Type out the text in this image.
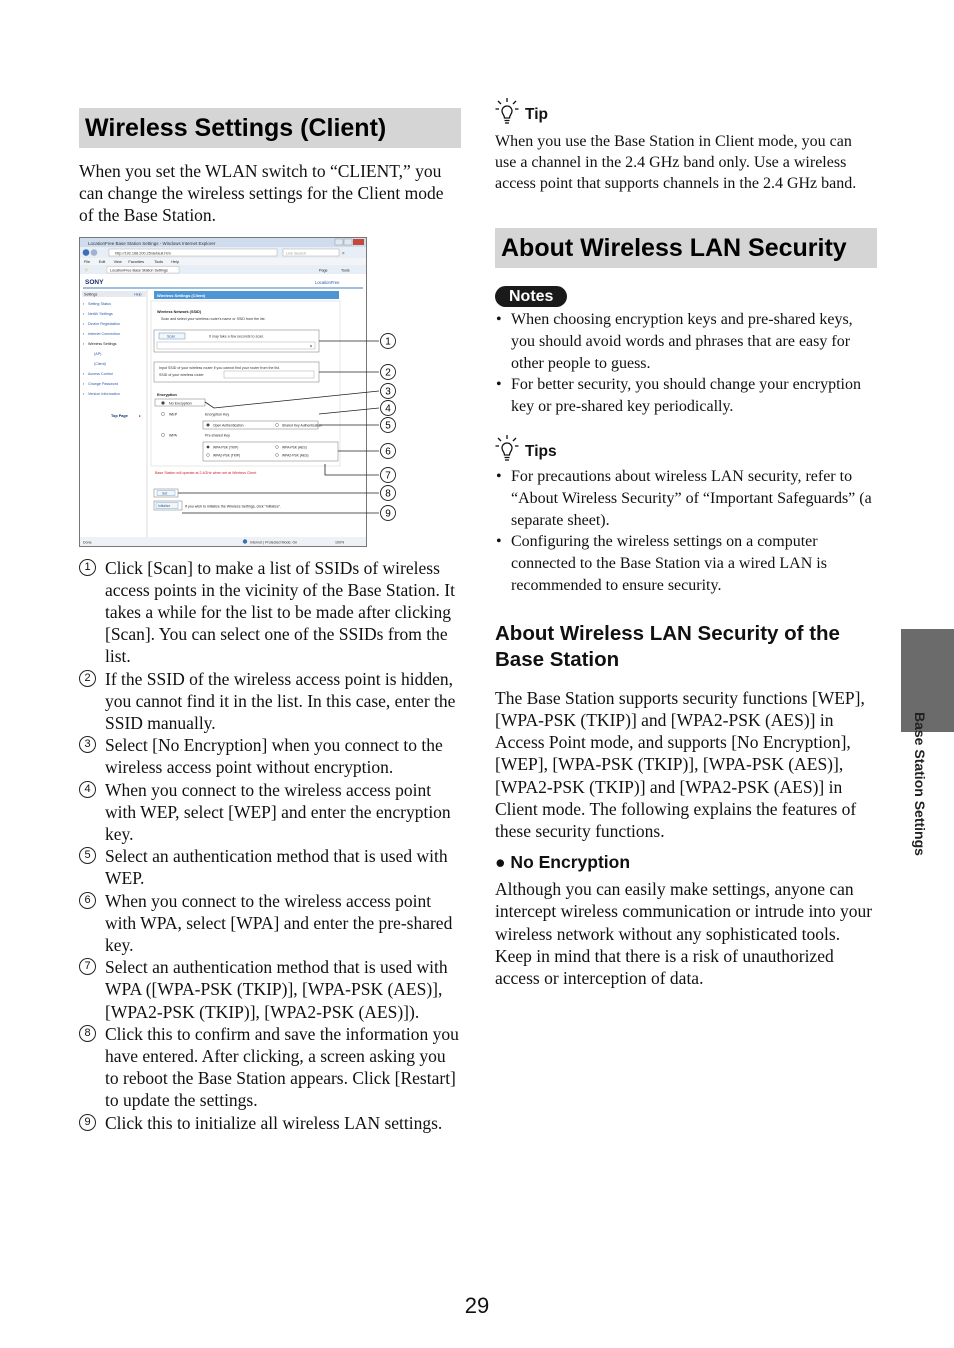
Wireless Settings (Client)

When you set the WLAN switch to “CLIENT,” you can change the wireless settings for the Client mode of the Base Station.

LocationFree Base Station Settings - Windows Internet Explorer
http://192.168.200.25/default.htm	Live Search	⌕
File Edit View Favorites	Tools Help
☆	LocationFree Base Station Settings	Page	Tools
SONY	LocationFree
Settings	Help
▪ Setting Status
▪ NetAV Settings
▪ Device Registration
▪ Internet Connection
▪ Wireless Settings
(AP)
(Client)
▪ Access Control
▪ Change Password
▪ Version Information
Top Page	▸
Wireless Settings (Client)
Wireless Network (SSID)
Scan and select your wireless router's name or SSID from the list.
Scan	It may take a few seconds to scan.
▾
Input SSID of your wireless router if you cannot find your router from the list.
SSID of your wireless router
Encryption
No Encryption
WEP	Encryption Key
Open Authentication	Shared Key Authentication
WPA	Pre-shared Key
WPA-PSK (TKIP)	WPA-PSK (AES)
WPA2-PSK (TKIP)	WPA2-PSK (AES)
Base Station will operate at 2.4GHz when set at Wireless Client.
Set
Initialize	If you wish to initialize the Wireless Settings, click "Initialize".
Done	Internet | Protected Mode: On	100%
1
2
3
4
5
6
7
8
9
1 Click [Scan] to make a list of SSIDs of wireless access points in the vicinity of the Base Station. It takes a while for the list to be made after clicking [Scan]. You can select one of the SSIDs from the list.
2 If the SSID of the wireless access point is hidden, you cannot find it in the list. In this case, enter the SSID manually.
3 Select [No Encryption] when you connect to the wireless access point without encryption.
4 When you connect to the wireless access point with WEP, select [WEP] and enter the encryption key.
5 Select an authentication method that is used with WEP.
6 When you connect to the wireless access point with WPA, select [WPA] and enter the pre-shared key.
7 Select an authentication method that is used with WPA ([WPA-PSK (TKIP)], [WPA-PSK (AES)], [WPA2-PSK (TKIP)], [WPA2-PSK (AES)]).
8 Click this to confirm and save the information you have entered. After clicking, a screen asking you to reboot the Base Station appears. Click [Restart] to update the settings.
9 Click this to initialize all wireless LAN settings.
Tip

When you use the Base Station in Client mode, you can use a channel in the 2.4 GHz band only. Use a wireless access point that supports channels in the 2.4 GHz band.

About Wireless LAN Security
Notes
• When choosing encryption keys and pre-shared keys, you should avoid words and phrases that are easy for other people to guess.
• For better security, you should change your encryption key or pre-shared key periodically.
Tips
• For precautions about wireless LAN security, refer to “About Wireless Security” of “Important Safeguards” (a separate sheet).
• Configuring the wireless settings on a computer connected to the Base Station via a wired LAN is recommended to ensure security.
About Wireless LAN Security of the Base Station

The Base Station supports security functions [WEP], [WPA-PSK (TKIP)] and [WPA2-PSK (AES)] in Access Point mode, and supports [No Encryption], [WEP], [WPA-PSK (TKIP)], [WPA-PSK (AES)], [WPA2-PSK (TKIP)] and [WPA2-PSK (AES)] in Client mode. The following explains the features of these security functions.

● No Encryption

Although you can easily make settings, anyone can intercept wireless communication or intrude into your wireless network without any sophisticated tools. Keep in mind that there is a risk of unauthorized access or interception of data.

Base Station Settings
29
